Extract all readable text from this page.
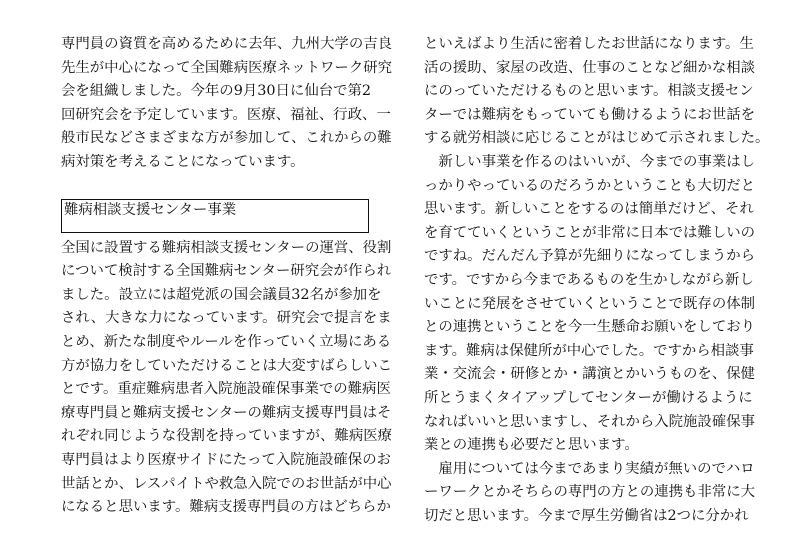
専門員の資質を高めるために去年、九州大学の吉良
先生が中心になって全国難病医療ネットワーク研究
会を組織しました。今年の9月30日に仙台で第2
回研究会を予定しています。医療、福祉、行政、一
般市民などさまざまな方が参加して、これからの難
病対策を考えることになっています。
難病相談支援センター事業
全国に設置する難病相談支援センターの運営、役割
について検討する全国難病センター研究会が作られ
ました。設立には超党派の国会議員32名が参加を
され、大きな力になっています。研究会で提言をま
とめ、新たな制度やルールを作っていく立場にある
方が協力をしていただけることは大変すばらしいこ
とです。重症難病患者入院施設確保事業での難病医
療専門員と難病支援センターの難病支援専門員はそ
れぞれ同じような役割を持っていますが、難病医療
専門員はより医療サイドにたって入院施設確保のお
世話とか、レスパイトや救急入院でのお世話が中心
になると思います。難病支援専門員の方はどちらか
といえばより生活に密着したお世話になります。生
活の援助、家屋の改造、仕事のことなど細かな相談
にのっていただけるものと思います。相談支援セン
ターでは難病をもっていても働けるようにお世話を
する就労相談に応じることがはじめて示されました。
　新しい事業を作るのはいいが、今までの事業はし
っかりやっているのだろうかということも大切だと
思います。新しいことをするのは簡単だけど、それ
を育てていくということが非常に日本では難しいの
ですね。だんだん予算が先細りになってしまうから
です。ですから今まであるものを生かしながら新し
いことに発展をさせていくということで既存の体制
との連携ということを今一生懸命お願いをしており
ます。難病は保健所が中心でした。ですから相談事
業・交流会・研修とか・講演とかいうものを、保健
所とうまくタイアップしてセンターが働けるように
なればいいと思いますし、それから入院施設確保事
業との連携も必要だと思います。
　雇用については今まであまり実績が無いのでハロ
ーワークとかそちらの専門の方との連携も非常に大
切だと思います。今まで厚生労働省は2つに分かれ
